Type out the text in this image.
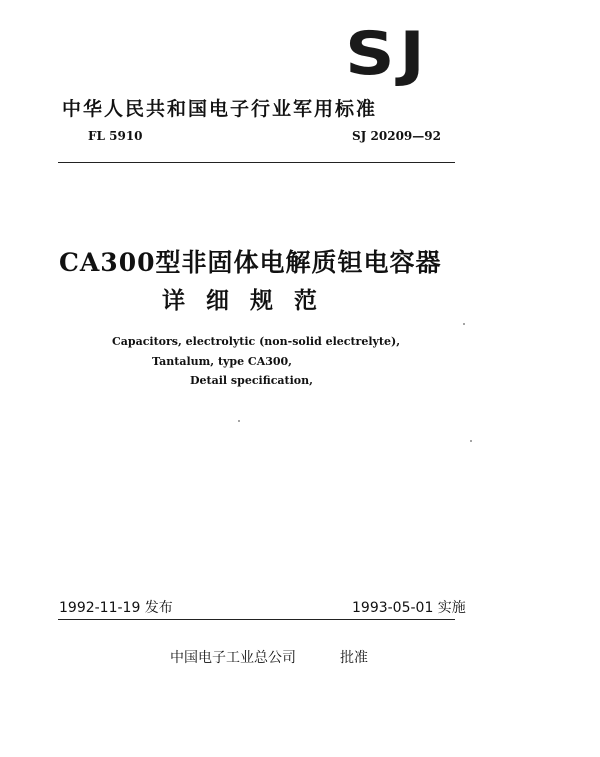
SJ
中华人民共和国电子行业军用标准
FL 5910	SJ 20209—92
CA300型非固体电解质钽电容器
详细规范
Capacitors, electrolytic (non-solid electrelyte),
Tantalum, type CA300,
Detail specification,
1992-11-19 发布	1993-05-01 实施
中国电子工业总公司	批准
